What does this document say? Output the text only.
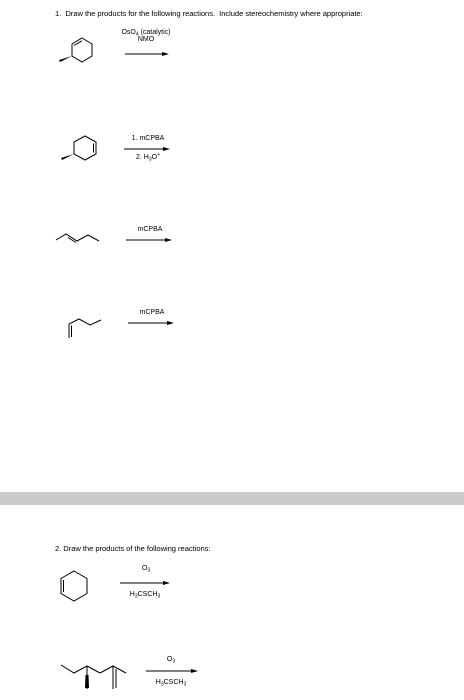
1. Draw the products for the following reactions. Include stereochemistry where appropriate:
OsO$_4$ (catalytic)
NMO
1. mCPBA
2. $H_3O^+$
mCPBA
mCPBA
2. Draw the products of the following reactions:
$O_3$
$H_3CSCH_3$
$O_3$
$H_3CSCH_3$
